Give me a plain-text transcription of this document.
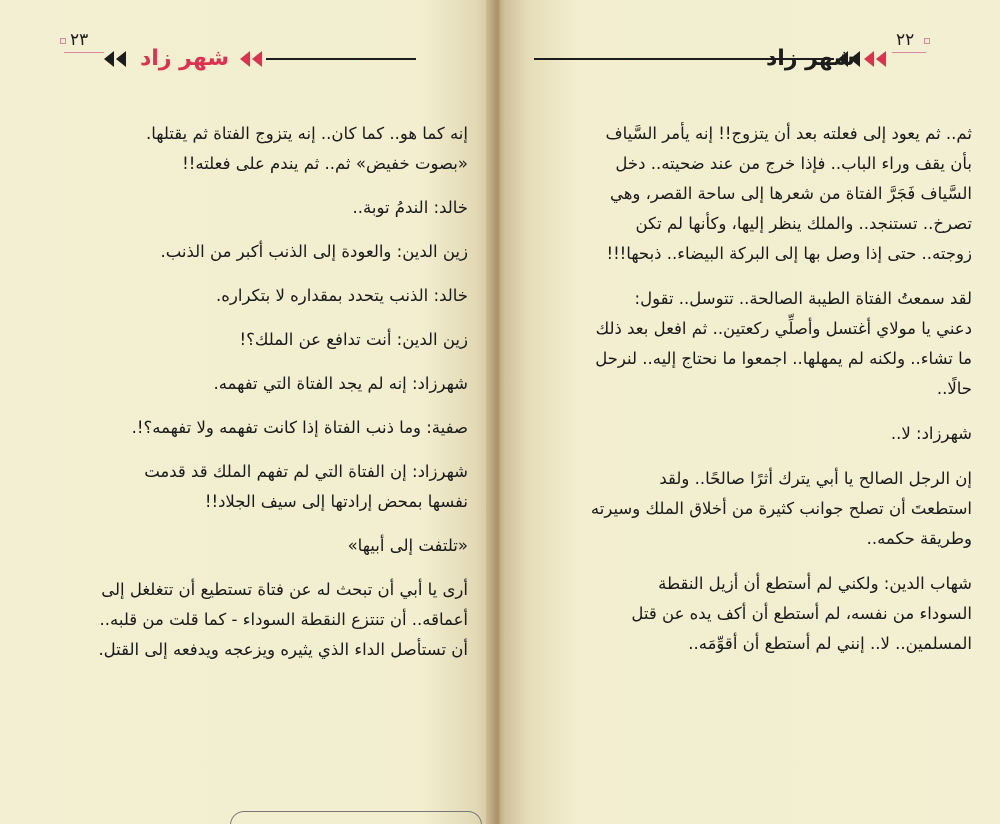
٢٣
شهر زاد

إنه كما هو.. كما كان.. إنه يتزوج الفتاة ثم يقتلها.

«بصوت خفيض» ثم.. ثم يندم على فعلته!!

خالد: الندمُ توبة..

زين الدين: والعودة إلى الذنب أكبر من الذنب.

خالد: الذنب يتحدد بمقداره لا بتكراره.

زين الدين: أنت تدافع عن الملك؟!

شهرزاد: إنه لم يجد الفتاة التي تفهمه.

صفية: وما ذنب الفتاة إذا كانت تفهمه ولا تفهمه؟!.

شهرزاد: إن الفتاة التي لم تفهم الملك قد قدمت

نفسها بمحض إرادتها إلى سيف الجلاد!!

«تلتفت إلى أبيها»

أرى يا أبي أن تبحث له عن فتاة تستطيع أن تتغلغل إلى

أعماقه.. أن تنتزع النقطة السوداء - كما قلت من قلبه..

أن تستأصل الداء الذي يثيره ويزعجه ويدفعه إلى القتل.

شهر زاد
٢٢

ثم.. ثم يعود إلى فعلته بعد أن يتزوج!! إنه يأمر السَّياف

بأن يقف وراء الباب.. فإذا خرج من عند ضحيته.. دخل

السَّياف فَجَرَّ الفتاة من شعرها إلى ساحة القصر، وهي

تصرخ.. تستنجد.. والملك ينظر إليها، وكأنها لم تكن

زوجته.. حتى إذا وصل بها إلى البركة البيضاء.. ذبحها!!!

لقد سمعتُ الفتاة الطيبة الصالحة.. تتوسل.. تقول:

دعني يا مولاي أغتسل وأصلِّي ركعتين.. ثم افعل بعد ذلك

ما تشاء.. ولكنه لم يمهلها.. اجمعوا ما نحتاج إليه.. لنرحل

حالًا..

شهرزاد: لا..

إن الرجل الصالح يا أبي يترك أثرًا صالحًا.. ولقد

استطعتَ أن تصلح جوانب كثيرة من أخلاق الملك وسيرته

وطريقة حكمه..

شهاب الدين: ولكني لم أستطع أن أزيل النقطة

السوداء من نفسه، لم أستطع أن أكف يده عن قتل

المسلمين.. لا.. إنني لم أستطع أن أقوِّمَه..
